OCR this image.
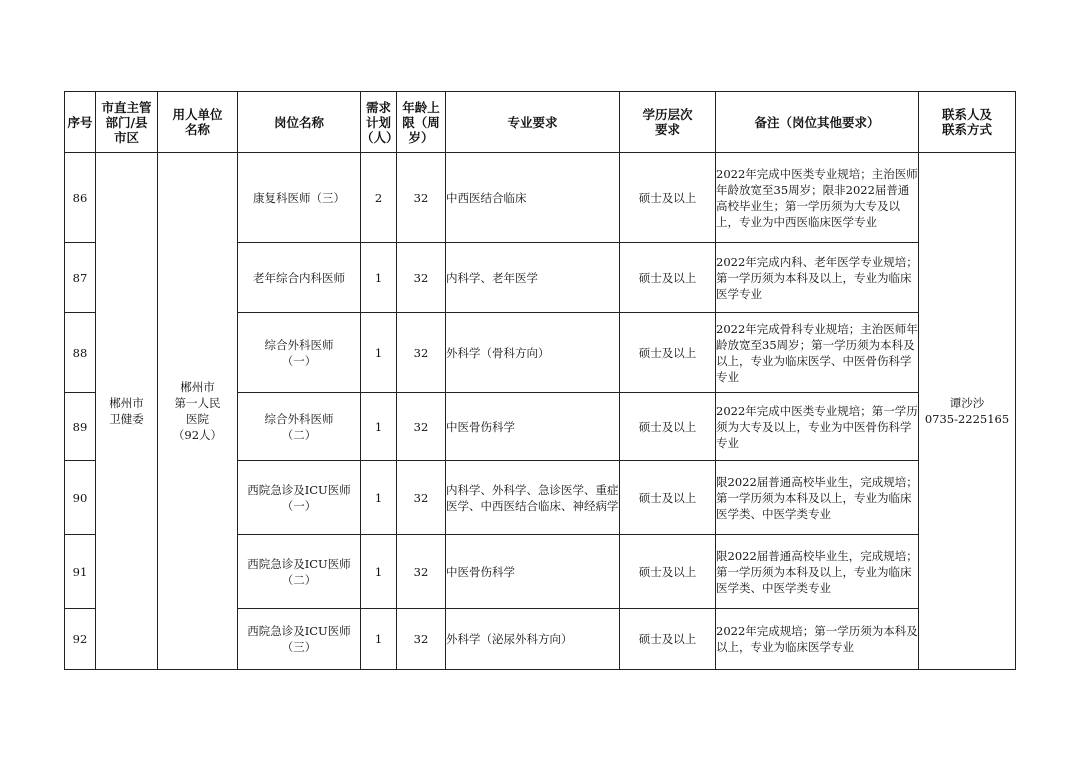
序号	市直主管
部门/县
市区	用人单位
名称	岗位名称	需求
计划
（人）	年龄上
限（周
岁）	专业要求	学历层次
要求	备注（岗位其他要求）	联系人及
联系方式
86	郴州市
卫健委	郴州市
第一人民
医院
（92人）	康复科医师（三）	2	32	中西医结合临床	硕士及以上	2022年完成中医类专业规培；主治医师年龄放宽至35周岁；限非2022届普通高校毕业生；第一学历须为大专及以上，专业为中西医临床医学专业	谭沙沙
0735-2225165
87			老年综合内科医师	1	32	内科学、老年医学	硕士及以上	2022年完成内科、老年医学专业规培；第一学历须为本科及以上，专业为临床医学专业	
88			综合外科医师
（一）	1	32	外科学（骨科方向）	硕士及以上	2022年完成骨科专业规培；主治医师年龄放宽至35周岁；第一学历须为本科及以上，专业为临床医学、中医骨伤科学专业	
89			综合外科医师
（二）	1	32	中医骨伤科学	硕士及以上	2022年完成中医类专业规培；第一学历须为大专及以上，专业为中医骨伤科学专业	
90			西院急诊及ICU医师
（一）	1	32	内科学、外科学、急诊医学、重症医学、中西医结合临床、神经病学	硕士及以上	限2022届普通高校毕业生，完成规培；第一学历须为本科及以上，专业为临床医学类、中医学类专业	
91			西院急诊及ICU医师
（二）	1	32	中医骨伤科学	硕士及以上	限2022届普通高校毕业生，完成规培；第一学历须为本科及以上，专业为临床医学类、中医学类专业	
92			西院急诊及ICU医师
（三）	1	32	外科学（泌尿外科方向）	硕士及以上	2022年完成规培；第一学历须为本科及以上，专业为临床医学专业	
